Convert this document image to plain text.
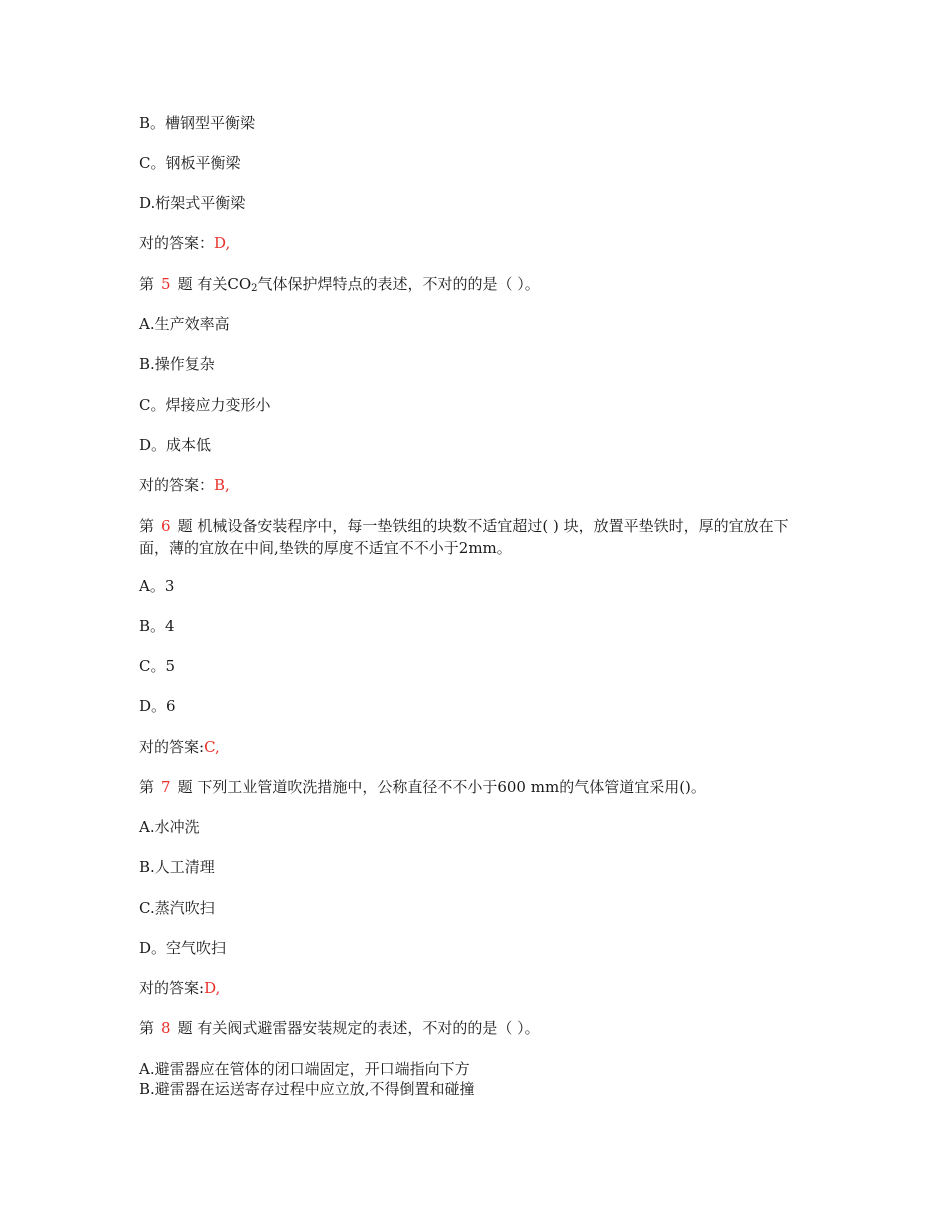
B。槽钢型平衡梁
C。钢板平衡梁
D.桁架式平衡梁
对的答案：D,
第 5 题 有关$CO_2$气体保护焊特点的表述，不对的的是（ ）。
A.生产效率高
B.操作复杂
C。焊接应力变形小
D。成本低
对的答案：B,
第 6 题 机械设备安装程序中，每一垫铁组的块数不适宜超过( ) 块，放置平垫铁时，厚的宜放在下面，薄的宜放在中间,垫铁的厚度不适宜不不小于2mm。
A。3
B。4
C。5
D。6
对的答案:C,
第 7 题 下列工业管道吹洗措施中，公称直径不不小于600 mm的气体管道宜采用()。
A.水冲洗
B.人工清理
C.蒸汽吹扫
D。空气吹扫
对的答案:D,
第 8 题 有关阀式避雷器安装规定的表述，不对的的是（ ）。
A.避雷器应在管体的闭口端固定，开口端指向下方
B.避雷器在运送寄存过程中应立放,不得倒置和碰撞
